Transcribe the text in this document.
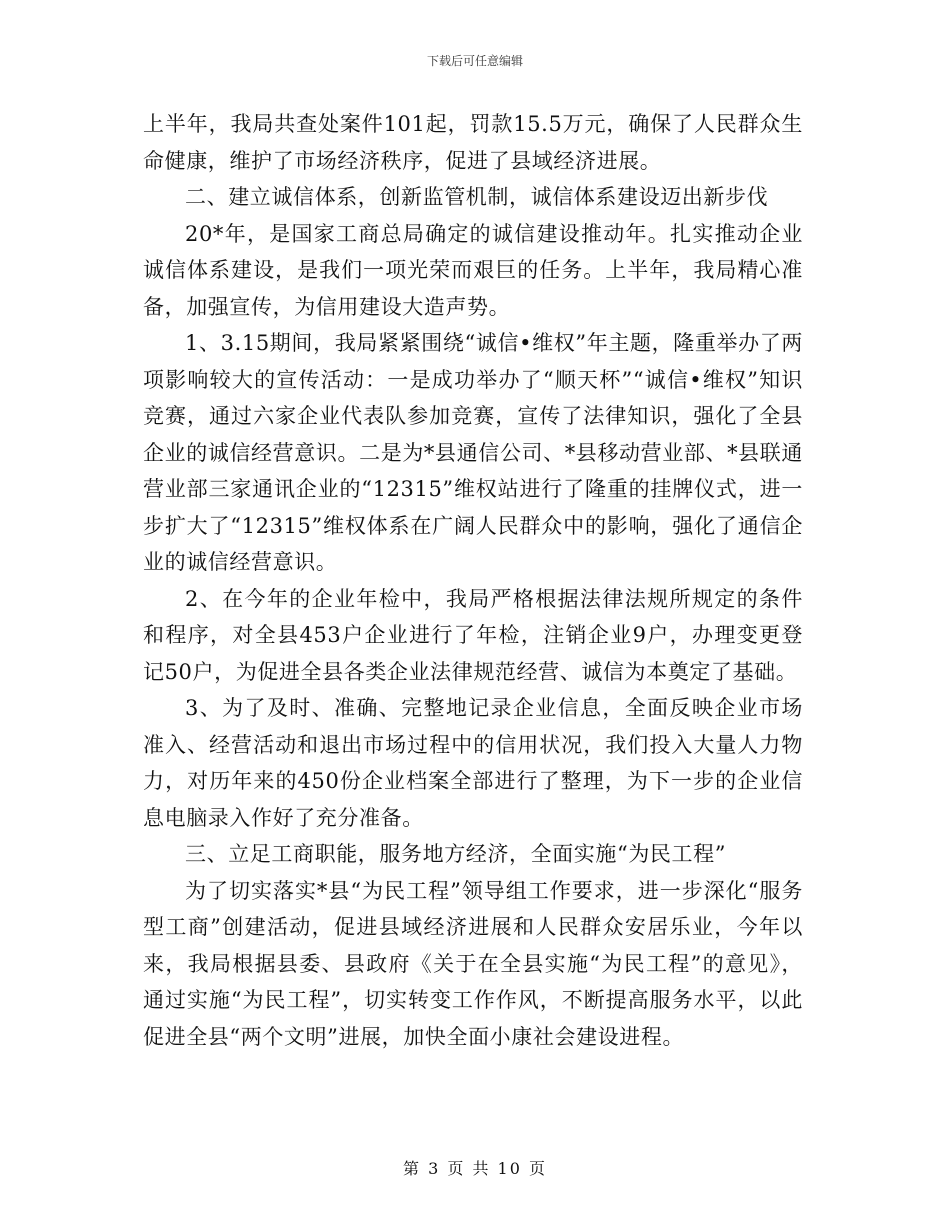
下载后可任意编辑

上半年，我局共查处案件101起，罚款15.5万元，确保了人民群众生命健康，维护了市场经济秩序，促进了县域经济进展。

二、建立诚信体系，创新监管机制，诚信体系建设迈出新步伐

20*年，是国家工商总局确定的诚信建设推动年。扎实推动企业诚信体系建设，是我们一项光荣而艰巨的任务。上半年，我局精心准备，加强宣传，为信用建设大造声势。

1、3.15期间，我局紧紧围绕“诚信•维权”年主题，隆重举办了两项影响较大的宣传活动：一是成功举办了“顺天杯”“诚信•维权”知识竞赛，通过六家企业代表队参加竞赛，宣传了法律知识，强化了全县企业的诚信经营意识。二是为*县通信公司、*县移动营业部、*县联通营业部三家通讯企业的“12315”维权站进行了隆重的挂牌仪式，进一步扩大了“12315”维权体系在广阔人民群众中的影响，强化了通信企业的诚信经营意识。

2、在今年的企业年检中，我局严格根据法律法规所规定的条件和程序，对全县453户企业进行了年检，注销企业9户，办理变更登记50户，为促进全县各类企业法律规范经营、诚信为本奠定了基础。

3、为了及时、准确、完整地记录企业信息，全面反映企业市场准入、经营活动和退出市场过程中的信用状况，我们投入大量人力物力，对历年来的450份企业档案全部进行了整理，为下一步的企业信息电脑录入作好了充分准备。

三、立足工商职能，服务地方经济，全面实施“为民工程”

为了切实落实*县“为民工程”领导组工作要求，进一步深化“服务型工商”创建活动，促进县域经济进展和人民群众安居乐业，今年以来，我局根据县委、县政府《关于在全县实施“为民工程”的意见》，通过实施“为民工程”，切实转变工作作风，不断提高服务水平，以此促进全县“两个文明”进展，加快全面小康社会建设进程。

第 3 页 共 10 页
